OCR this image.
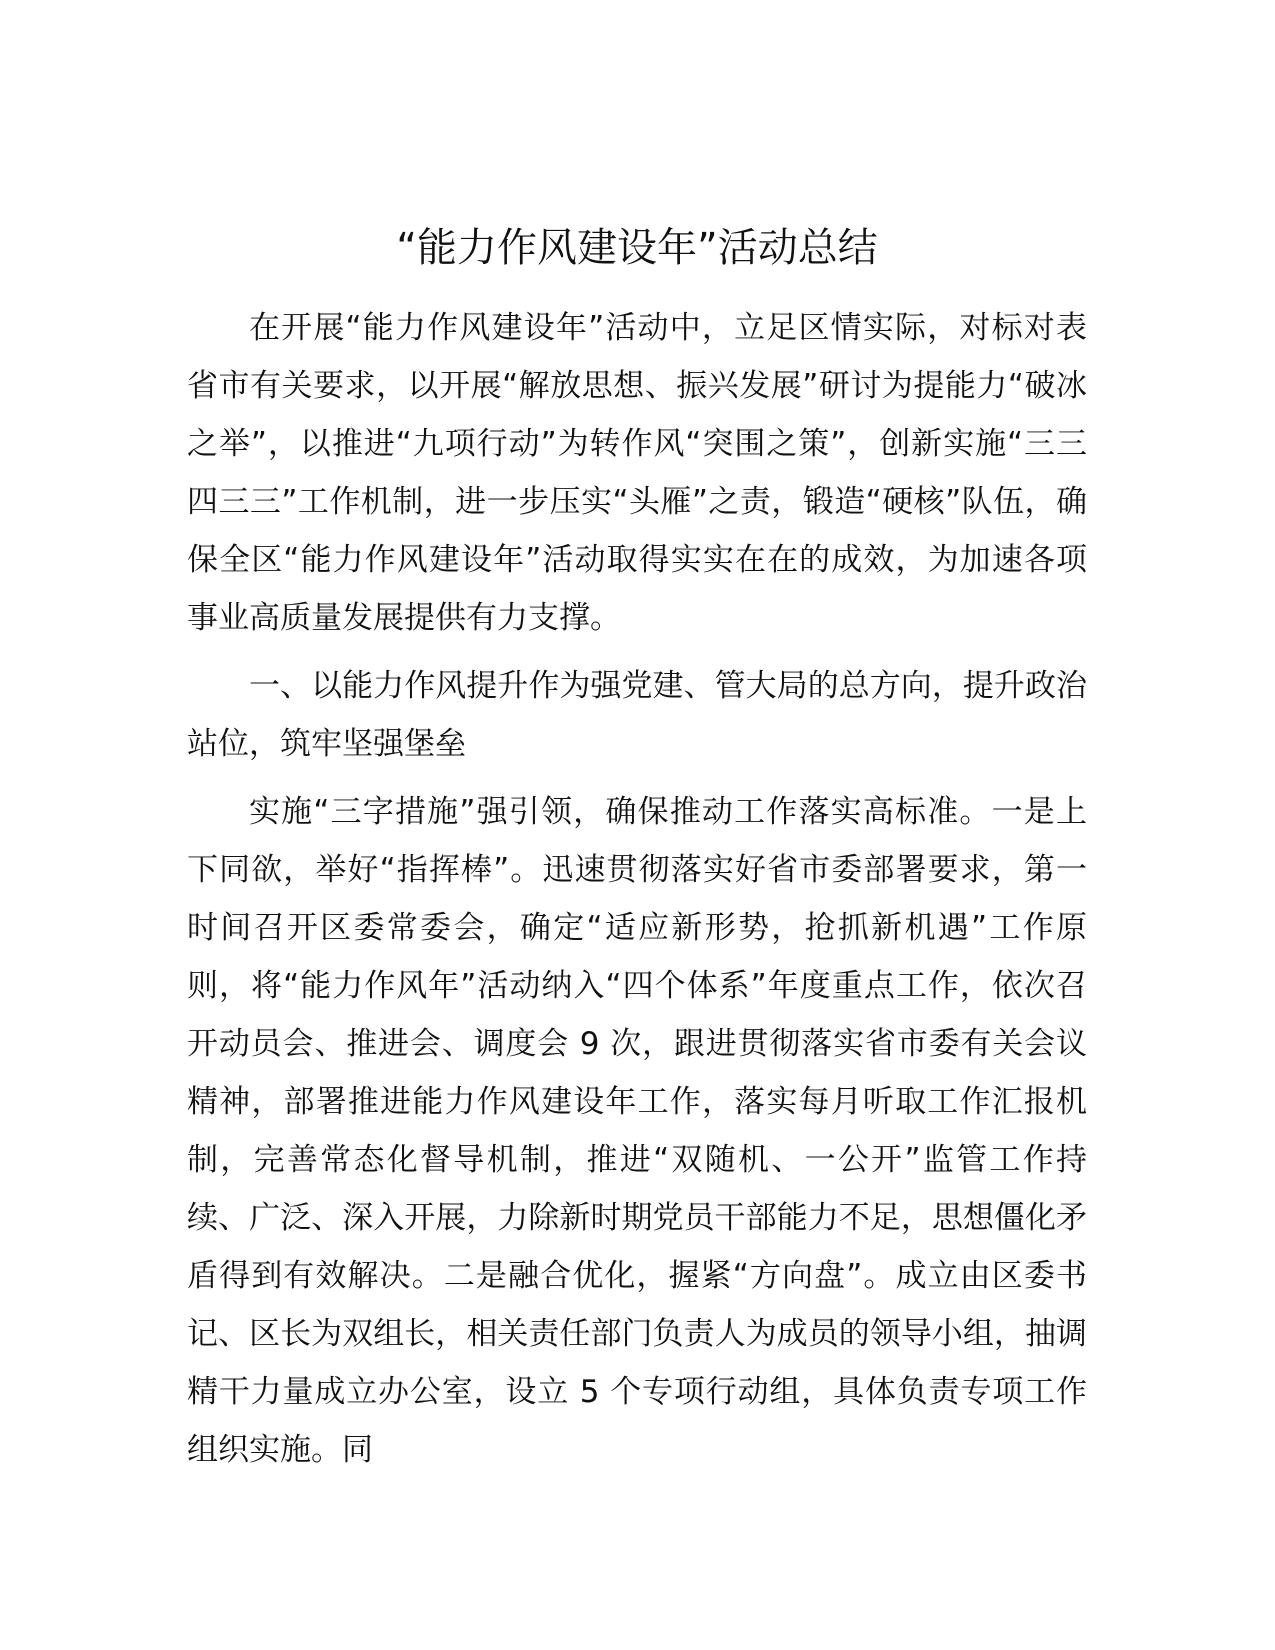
“能力作风建设年”活动总结

在开展“能力作风建设年”活动中，立足区情实际，对标对表省市有关要求，以开展“解放思想、振兴发展”研讨为提能力“破冰之举”，以推进“九项行动”为转作风“突围之策”，创新实施“三三四三三”工作机制，进一步压实“头雁”之责，锻造“硬核”队伍，确保全区“能力作风建设年”活动取得实实在在的成效，为加速各项事业高质量发展提供有力支撑。

一、以能力作风提升作为强党建、管大局的总方向，提升政治站位，筑牢坚强堡垒

实施“三字措施”强引领，确保推动工作落实高标准。一是上下同欲，举好“指挥棒”。迅速贯彻落实好省市委部署要求，第一时间召开区委常委会，确定“适应新形势，抢抓新机遇”工作原则，将“能力作风年”活动纳入“四个体系”年度重点工作，依次召开动员会、推进会、调度会 9 次，跟进贯彻落实省市委有关会议精神，部署推进能力作风建设年工作，落实每月听取工作汇报机制，完善常态化督导机制，推进“双随机、一公开”监管工作持续、广泛、深入开展，力除新时期党员干部能力不足，思想僵化矛盾得到有效解决。二是融合优化，握紧“方向盘”。成立由区委书记、区长为双组长，相关责任部门负责人为成员的领导小组，抽调精干力量成立办公室，设立 5 个专项行动组，具体负责专项工作组织实施。同
